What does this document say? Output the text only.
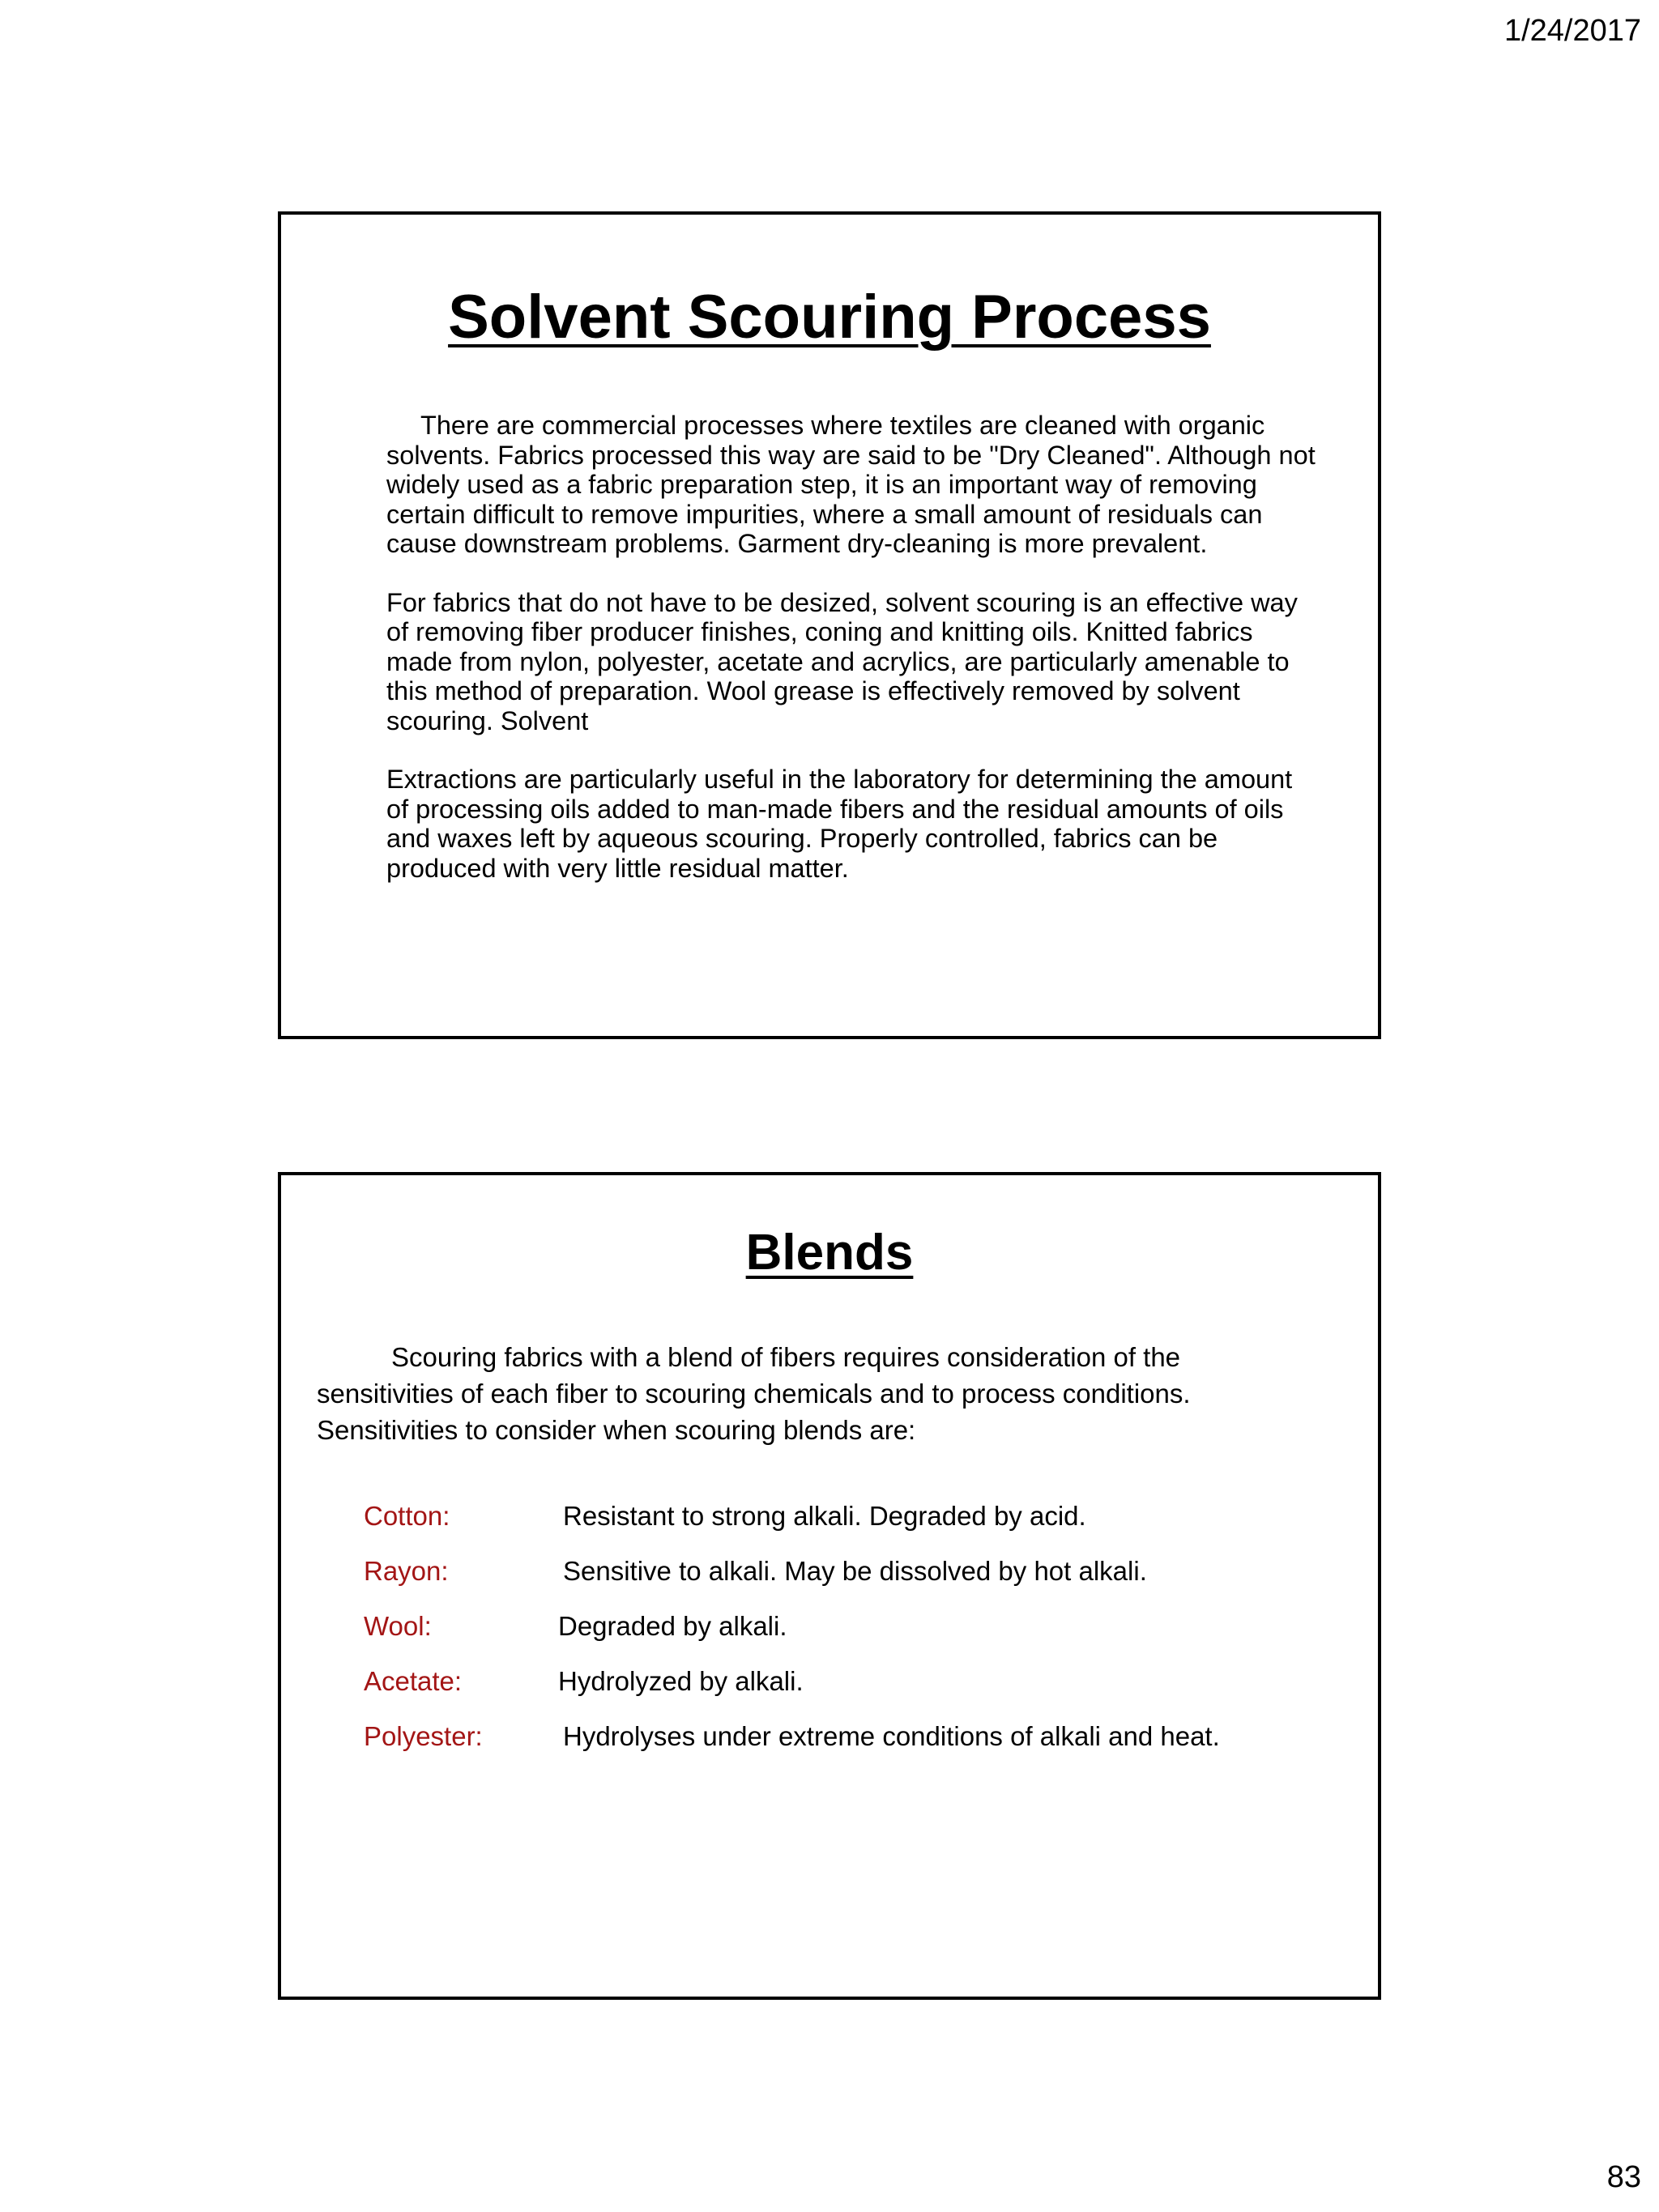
1/24/2017
Solvent Scouring Process

There are commercial processes where textiles are cleaned with organic solvents. Fabrics processed this way are said to be "Dry Cleaned". Although not widely used as a fabric preparation step, it is an important way of removing certain difficult to remove impurities, where a small amount of residuals can cause downstream problems. Garment dry-cleaning is more prevalent.

For fabrics that do not have to be desized, solvent scouring is an effective way of removing fiber producer finishes, coning and knitting oils. Knitted fabrics made from nylon, polyester, acetate and acrylics, are particularly amenable to this method of preparation. Wool grease is effectively removed by solvent scouring. Solvent

Extractions are particularly useful in the laboratory for determining the amount of processing oils added to man-made fibers and the residual amounts of oils and waxes left by aqueous scouring. Properly controlled, fabrics can be produced with very little residual matter.

Blends

Scouring fabrics with a blend of fibers requires consideration of the sensitivities of each fiber to scouring chemicals and to process conditions. Sensitivities to consider when scouring blends are:

Cotton:	Resistant to strong alkali. Degraded by acid.
Rayon:	Sensitive to alkali. May be dissolved by hot alkali.
Wool:	Degraded by alkali.
Acetate:	Hydrolyzed by alkali.
Polyester:	Hydrolyses under extreme conditions of alkali and heat.
83
